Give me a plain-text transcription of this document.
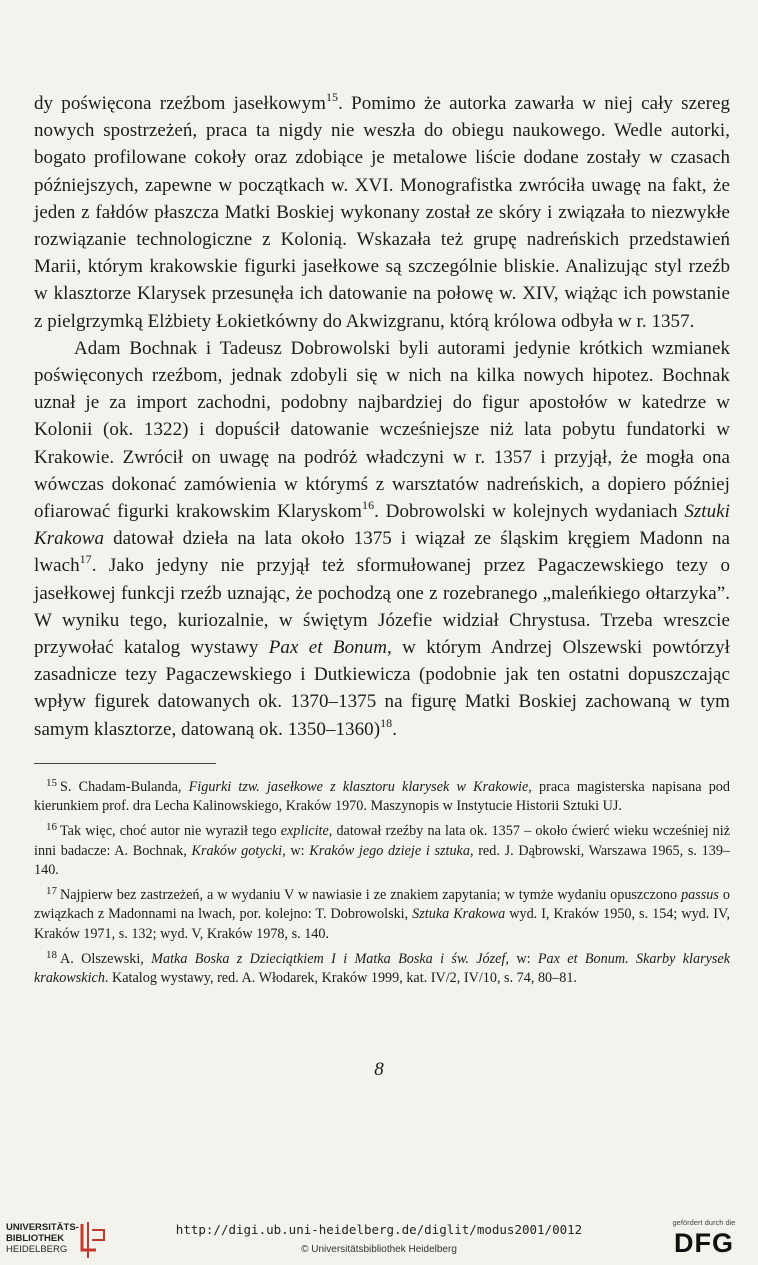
dy poświęcona rzeźbom jasełkowym$^{15}$. Pomimo że autorka zawarła w niej cały szereg nowych spostrzeżeń, praca ta nigdy nie weszła do obiegu naukowego. Wedle autorki, bogato profilowane cokoły oraz zdobiące je metalowe liście dodane zostały w czasach późniejszych, zapewne w początkach w. XVI. Monografistka zwróciła uwagę na fakt, że jeden z fałdów płaszcza Matki Boskiej wykonany został ze skóry i związała to niezwykłe rozwiązanie technologiczne z Kolonią. Wskazała też grupę nadreńskich przedstawień Marii, którym krakowskie figurki jasełkowe są szczególnie bliskie. Analizując styl rzeźb w klasztorze Klarysek przesunęła ich datowanie na połowę w. XIV, wiążąc ich powstanie z pielgrzymką Elżbiety Łokietkówny do Akwizgranu, którą królowa odbyła w r. 1357.

Adam Bochnak i Tadeusz Dobrowolski byli autorami jedynie krótkich wzmianek poświęconych rzeźbom, jednak zdobyli się w nich na kilka nowych hipotez. Bochnak uznał je za import zachodni, podobny najbardziej do figur apostołów w katedrze w Kolonii (ok. 1322) i dopuścił datowanie wcześniejsze niż lata pobytu fundatorki w Krakowie. Zwrócił on uwagę na podróż władczyni w r. 1357 i przyjął, że mogła ona wówczas dokonać zamówienia w którymś z warsztatów nadreńskich, a dopiero później ofiarować figurki krakowskim Klaryskom$^{16}$. Dobrowolski w kolejnych wydaniach Sztuki Krakowa datował dzieła na lata około 1375 i wiązał ze śląskim kręgiem Madonn na lwach$^{17}$. Jako jedyny nie przyjął też sformułowanej przez Pagaczewskiego tezy o jasełkowej funkcji rzeźb uznając, że pochodzą one z rozebranego „maleńkiego ołtarzyka”. W wyniku tego, kuriozalnie, w świętym Józefie widział Chrystusa. Trzeba wreszcie przywołać katalog wystawy Pax et Bonum, w którym Andrzej Olszewski powtórzył zasadnicze tezy Pagaczewskiego i Dutkiewicza (podobnie jak ten ostatni dopuszczając wpływ figurek datowanych ok. 1370–1375 na figurę Matki Boskiej zachowaną w tym samym klasztorze, datowaną ok. 1350–1360)$^{18}$.

$^{15}$ S. Chadam-Bulanda, Figurki tzw. jasełkowe z klasztoru klarysek w Krakowie, praca magisterska napisana pod kierunkiem prof. dra Lecha Kalinowskiego, Kraków 1970. Maszynopis w Instytucie Historii Sztuki UJ.

$^{16}$ Tak więc, choć autor nie wyraził tego explicite, datował rzeźby na lata ok. 1357 – około ćwierć wieku wcześniej niż inni badacze: A. Bochnak, Kraków gotycki, w: Kraków jego dzieje i sztuka, red. J. Dąbrowski, Warszawa 1965, s. 139–140.

$^{17}$ Najpierw bez zastrzeżeń, a w wydaniu V w nawiasie i ze znakiem zapytania; w tymże wydaniu opuszczono passus o związkach z Madonnami na lwach, por. kolejno: T. Dobrowolski, Sztuka Krakowa wyd. I, Kraków 1950, s. 154; wyd. IV, Kraków 1971, s. 132; wyd. V, Kraków 1978, s. 140.

$^{18}$ A. Olszewski, Matka Boska z Dzieciątkiem I i Matka Boska i św. Józef, w: Pax et Bonum. Skarby klarysek krakowskich. Katalog wystawy, red. A. Włodarek, Kraków 1999, kat. IV/2, IV/10, s. 74, 80–81.

8
UNIVERSITÄTS-
BIBLIOTHEK
HEIDELBERG
http://digi.ub.uni-heidelberg.de/diglit/modus2001/0012
© Universitätsbibliothek Heidelberg
gefördert durch die
DFG
